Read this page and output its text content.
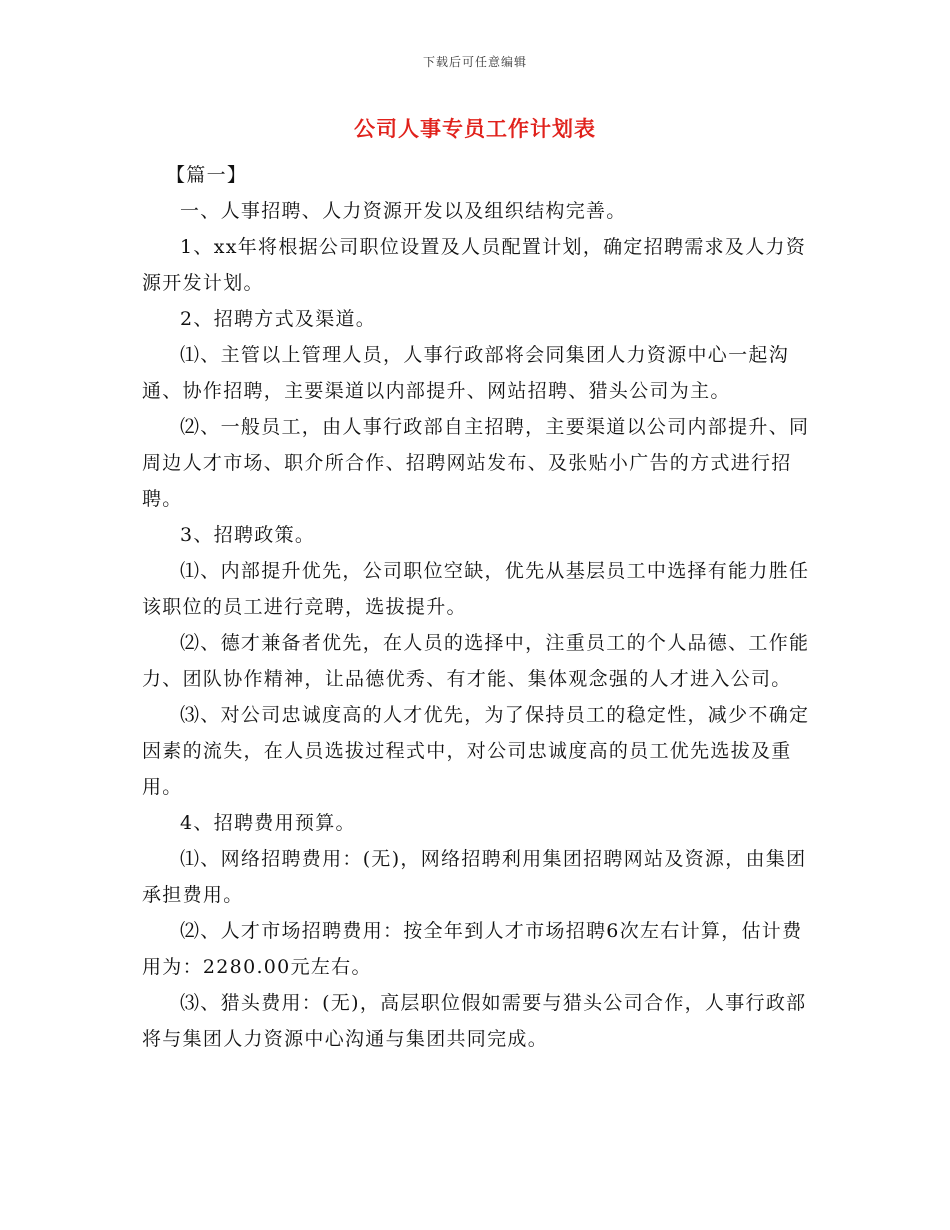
下载后可任意编辑
公司人事专员工作计划表

【篇一】

一、人事招聘、人力资源开发以及组织结构完善。

1、xx年将根据公司职位设置及人员配置计划，确定招聘需求及人力资源开发计划。

2、招聘方式及渠道。

⑴、主管以上管理人员，人事行政部将会同集团人力资源中心一起沟通、协作招聘，主要渠道以内部提升、网站招聘、猎头公司为主。

⑵、一般员工，由人事行政部自主招聘，主要渠道以公司内部提升、同周边人才市场、职介所合作、招聘网站发布、及张贴小广告的方式进行招聘。

3、招聘政策。

⑴、内部提升优先，公司职位空缺，优先从基层员工中选择有能力胜任该职位的员工进行竞聘，选拔提升。

⑵、德才兼备者优先，在人员的选择中，注重员工的个人品德、工作能力、团队协作精神，让品德优秀、有才能、集体观念强的人才进入公司。

⑶、对公司忠诚度高的人才优先，为了保持员工的稳定性，减少不确定因素的流失，在人员选拔过程式中，对公司忠诚度高的员工优先选拔及重用。

4、招聘费用预算。

⑴、网络招聘费用：(无)，网络招聘利用集团招聘网站及资源，由集团承担费用。

⑵、人才市场招聘费用：按全年到人才市场招聘6次左右计算，估计费用为：2280.00元左右。

⑶、猎头费用：(无)，高层职位假如需要与猎头公司合作，人事行政部将与集团人力资源中心沟通与集团共同完成。
